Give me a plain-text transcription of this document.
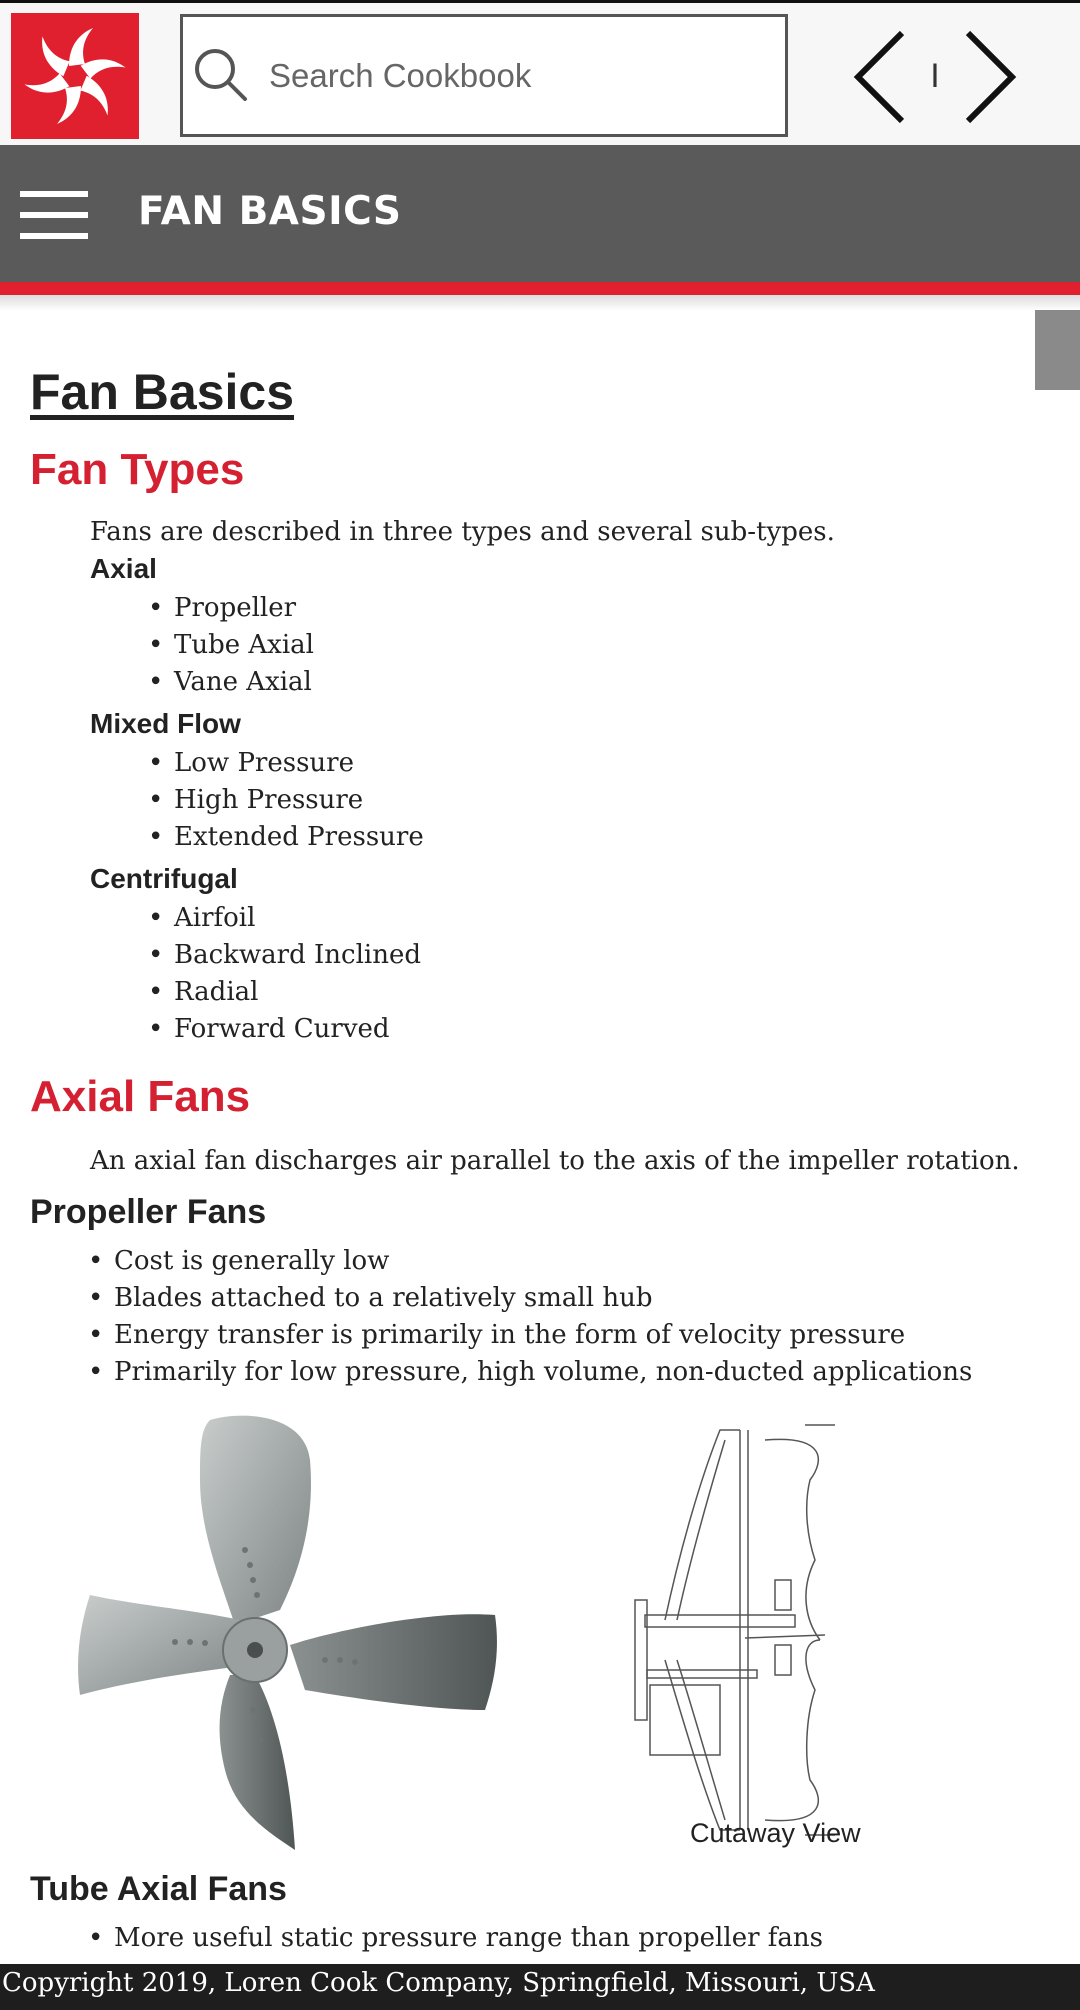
Search Cookbook
I
FAN BASICS
Fan Basics
Fan Types
Fans are described in three types and several sub-types.
Axial
• Propeller
• Tube Axial
• Vane Axial
Mixed Flow
• Low Pressure
• High Pressure
• Extended Pressure
Centrifugal
• Airfoil
• Backward Inclined
• Radial
• Forward Curved
Axial Fans
An axial fan discharges air parallel to the axis of the impeller rotation.
Propeller Fans
• Cost is generally low
• Blades attached to a relatively small hub
• Energy transfer is primarily in the form of velocity pressure
• Primarily for low pressure, high volume, non-ducted applications
Cutaway View
Tube Axial Fans
• More useful static pressure range than propeller fans
Copyright 2019, Loren Cook Company, Springfield, Missouri, USA
